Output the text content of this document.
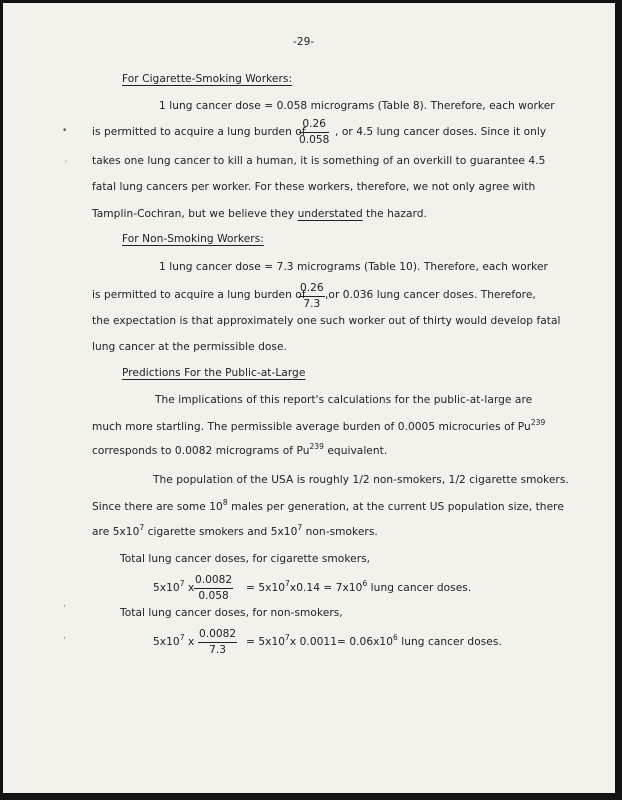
-29-
For Cigarette-Smoking Workers:
1 lung cancer dose = 0.058 micrograms (Table 8). Therefore, each worker
is permitted to acquire a lung burden of
$\frac{0.26}{0.058}$ , or 4.5 lung cancer doses. Since it only
takes one lung cancer to kill a human, it is something of an overkill to guarantee 4.5
fatal lung cancers per worker. For these workers, therefore, we not only agree with
Tamplin-Cochran, but we believe they understated the hazard.
For Non-Smoking Workers:
1 lung cancer dose = 7.3 micrograms (Table 10). Therefore, each worker
is permitted to acquire a lung burden of
$\frac{0.26}{7.3} ,or$ 0.036 lung cancer doses. Therefore,
the expectation is that approximately one such worker out of thirty would develop fatal
lung cancer at the permissible dose.
Predictions For the Public-at-Large
The implications of this report's calculations for the public-at-large are
much more startling. The permissible average burden of 0.0005 microcuries of Pu$^{239}$
corresponds to 0.0082 micrograms of Pu$^{239}$ equivalent.
The population of the USA is roughly 1/2 non-smokers, 1/2 cigarette smokers.
Since there are some $10^8$ males per generation, at the current US population size, there
are $5x10^7$ cigarette smokers and $5x10^7$ non-smokers.
Total lung cancer doses, for cigarette smokers,
$5x10^7$ x $\frac{0.0082}{0.058} = 5x10^7x0.14 = 7x10^6$ lung cancer doses.
Total lung cancer doses, for non-smokers,
$5x10^7$ x $\frac{0.0082}{7.3} = 5x10^7x$ $0.0011= 0.06x10^6$ lung cancer doses.
•
′
·
·
